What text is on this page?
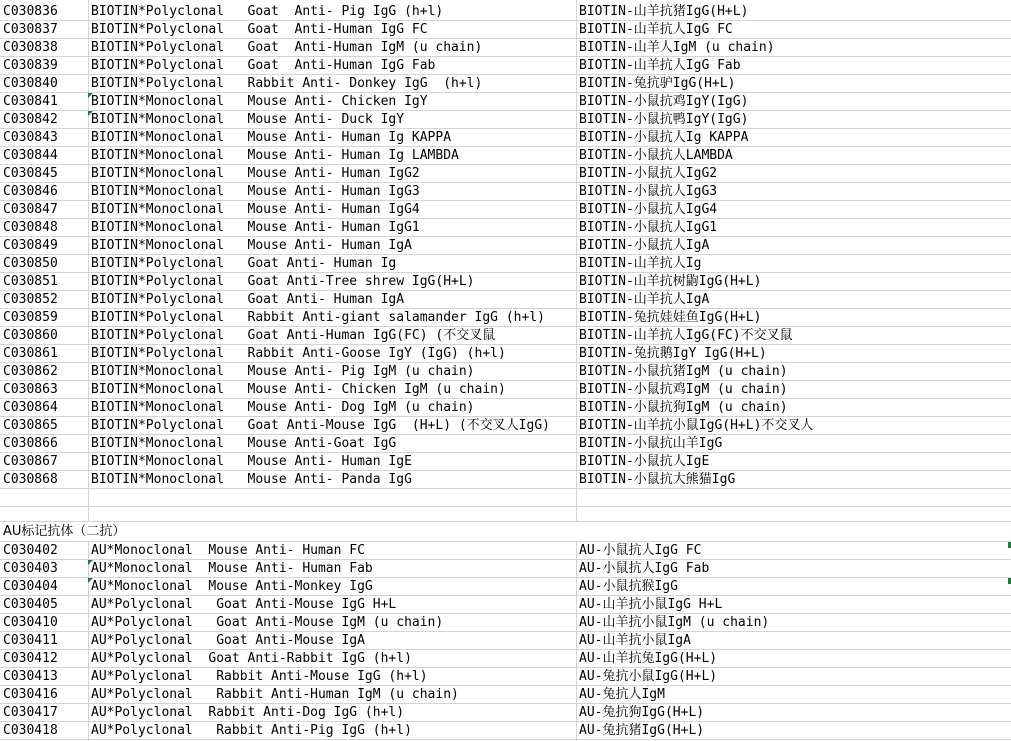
C030836	BIOTIN*Polyclonal   Goat  Anti- Pig IgG (h+l)	BIOTIN-山羊抗猪IgG(H+L)
C030837	BIOTIN*Polyclonal   Goat  Anti-Human IgG FC	BIOTIN-山羊抗人IgG FC
C030838	BIOTIN*Polyclonal   Goat  Anti-Human IgM (u chain)	BIOTIN-山羊人IgM (u chain)
C030839	BIOTIN*Polyclonal   Goat  Anti-Human IgG Fab	BIOTIN-山羊抗人IgG Fab
C030840	BIOTIN*Polyclonal   Rabbit Anti- Donkey IgG  (h+l)	BIOTIN-兔抗驴IgG(H+L)
C030841	BIOTIN*Monoclonal   Mouse Anti- Chicken IgY	BIOTIN-小鼠抗鸡IgY(IgG)
C030842	BIOTIN*Monoclonal   Mouse Anti- Duck IgY	BIOTIN-小鼠抗鸭IgY(IgG)
C030843	BIOTIN*Monoclonal   Mouse Anti- Human Ig KAPPA	BIOTIN-小鼠抗人Ig KAPPA
C030844	BIOTIN*Monoclonal   Mouse Anti- Human Ig LAMBDA	BIOTIN-小鼠抗人LAMBDA
C030845	BIOTIN*Monoclonal   Mouse Anti- Human IgG2	BIOTIN-小鼠抗人IgG2
C030846	BIOTIN*Monoclonal   Mouse Anti- Human IgG3	BIOTIN-小鼠抗人IgG3
C030847	BIOTIN*Monoclonal   Mouse Anti- Human IgG4	BIOTIN-小鼠抗人IgG4
C030848	BIOTIN*Monoclonal   Mouse Anti- Human IgG1	BIOTIN-小鼠抗人IgG1
C030849	BIOTIN*Monoclonal   Mouse Anti- Human IgA	BIOTIN-小鼠抗人IgA
C030850	BIOTIN*Polyclonal   Goat Anti- Human Ig	BIOTIN-山羊抗人Ig
C030851	BIOTIN*Polyclonal   Goat Anti-Tree shrew IgG(H+L)	BIOTIN-山羊抗树鼩IgG(H+L)
C030852	BIOTIN*Polyclonal   Goat Anti- Human IgA	BIOTIN-山羊抗人IgA
C030859	BIOTIN*Polyclonal   Rabbit Anti-giant salamander IgG (h+l)	BIOTIN-兔抗娃娃鱼IgG(H+L)
C030860	BIOTIN*Polyclonal   Goat Anti-Human IgG(FC) (不交叉鼠	BIOTIN-山羊抗人IgG(FC)不交叉鼠
C030861	BIOTIN*Polyclonal   Rabbit Anti-Goose IgY (IgG) (h+l)	BIOTIN-兔抗鹅IgY IgG(H+L)
C030862	BIOTIN*Monoclonal   Mouse Anti- Pig IgM (u chain)	BIOTIN-小鼠抗猪IgM (u chain)
C030863	BIOTIN*Monoclonal   Mouse Anti- Chicken IgM (u chain)	BIOTIN-小鼠抗鸡IgM (u chain)
C030864	BIOTIN*Monoclonal   Mouse Anti- Dog IgM (u chain)	BIOTIN-小鼠抗狗IgM (u chain)
C030865	BIOTIN*Polyclonal   Goat Anti-Mouse IgG  (H+L) (不交叉人IgG)	BIOTIN-山羊抗小鼠IgG(H+L)不交叉人
C030866	BIOTIN*Monoclonal   Mouse Anti-Goat IgG	BIOTIN-小鼠抗山羊IgG
C030867	BIOTIN*Monoclonal   Mouse Anti- Human IgE	BIOTIN-小鼠抗人IgE
C030868	BIOTIN*Monoclonal   Mouse Anti- Panda IgG	BIOTIN-小鼠抗大熊猫IgG
C030402	AU*Monoclonal  Mouse Anti- Human FC	AU-小鼠抗人IgG FC
C030403	AU*Monoclonal  Mouse Anti- Human Fab	AU-小鼠抗人IgG Fab
C030404	AU*Monoclonal  Mouse Anti-Monkey IgG	AU-小鼠抗猴IgG
C030405	AU*Polyclonal   Goat Anti-Mouse IgG H+L	AU-山羊抗小鼠IgG H+L
C030410	AU*Polyclonal   Goat Anti-Mouse IgM (u chain)	AU-山羊抗小鼠IgM (u chain)
C030411	AU*Polyclonal   Goat Anti-Mouse IgA	AU-山羊抗小鼠IgA
C030412	AU*Polyclonal  Goat Anti-Rabbit IgG (h+l)	AU-山羊抗兔IgG(H+L)
C030413	AU*Polyclonal   Rabbit Anti-Mouse IgG (h+l)	AU-兔抗小鼠IgG(H+L)
C030416	AU*Polyclonal   Rabbit Anti-Human IgM (u chain)	AU-兔抗人IgM
C030417	AU*Polyclonal  Rabbit Anti-Dog IgG (h+l)	AU-兔抗狗IgG(H+L)
C030418	AU*Polyclonal   Rabbit Anti-Pig IgG (h+l)	AU-兔抗猪IgG(H+L)
AU标记抗体（二抗）
